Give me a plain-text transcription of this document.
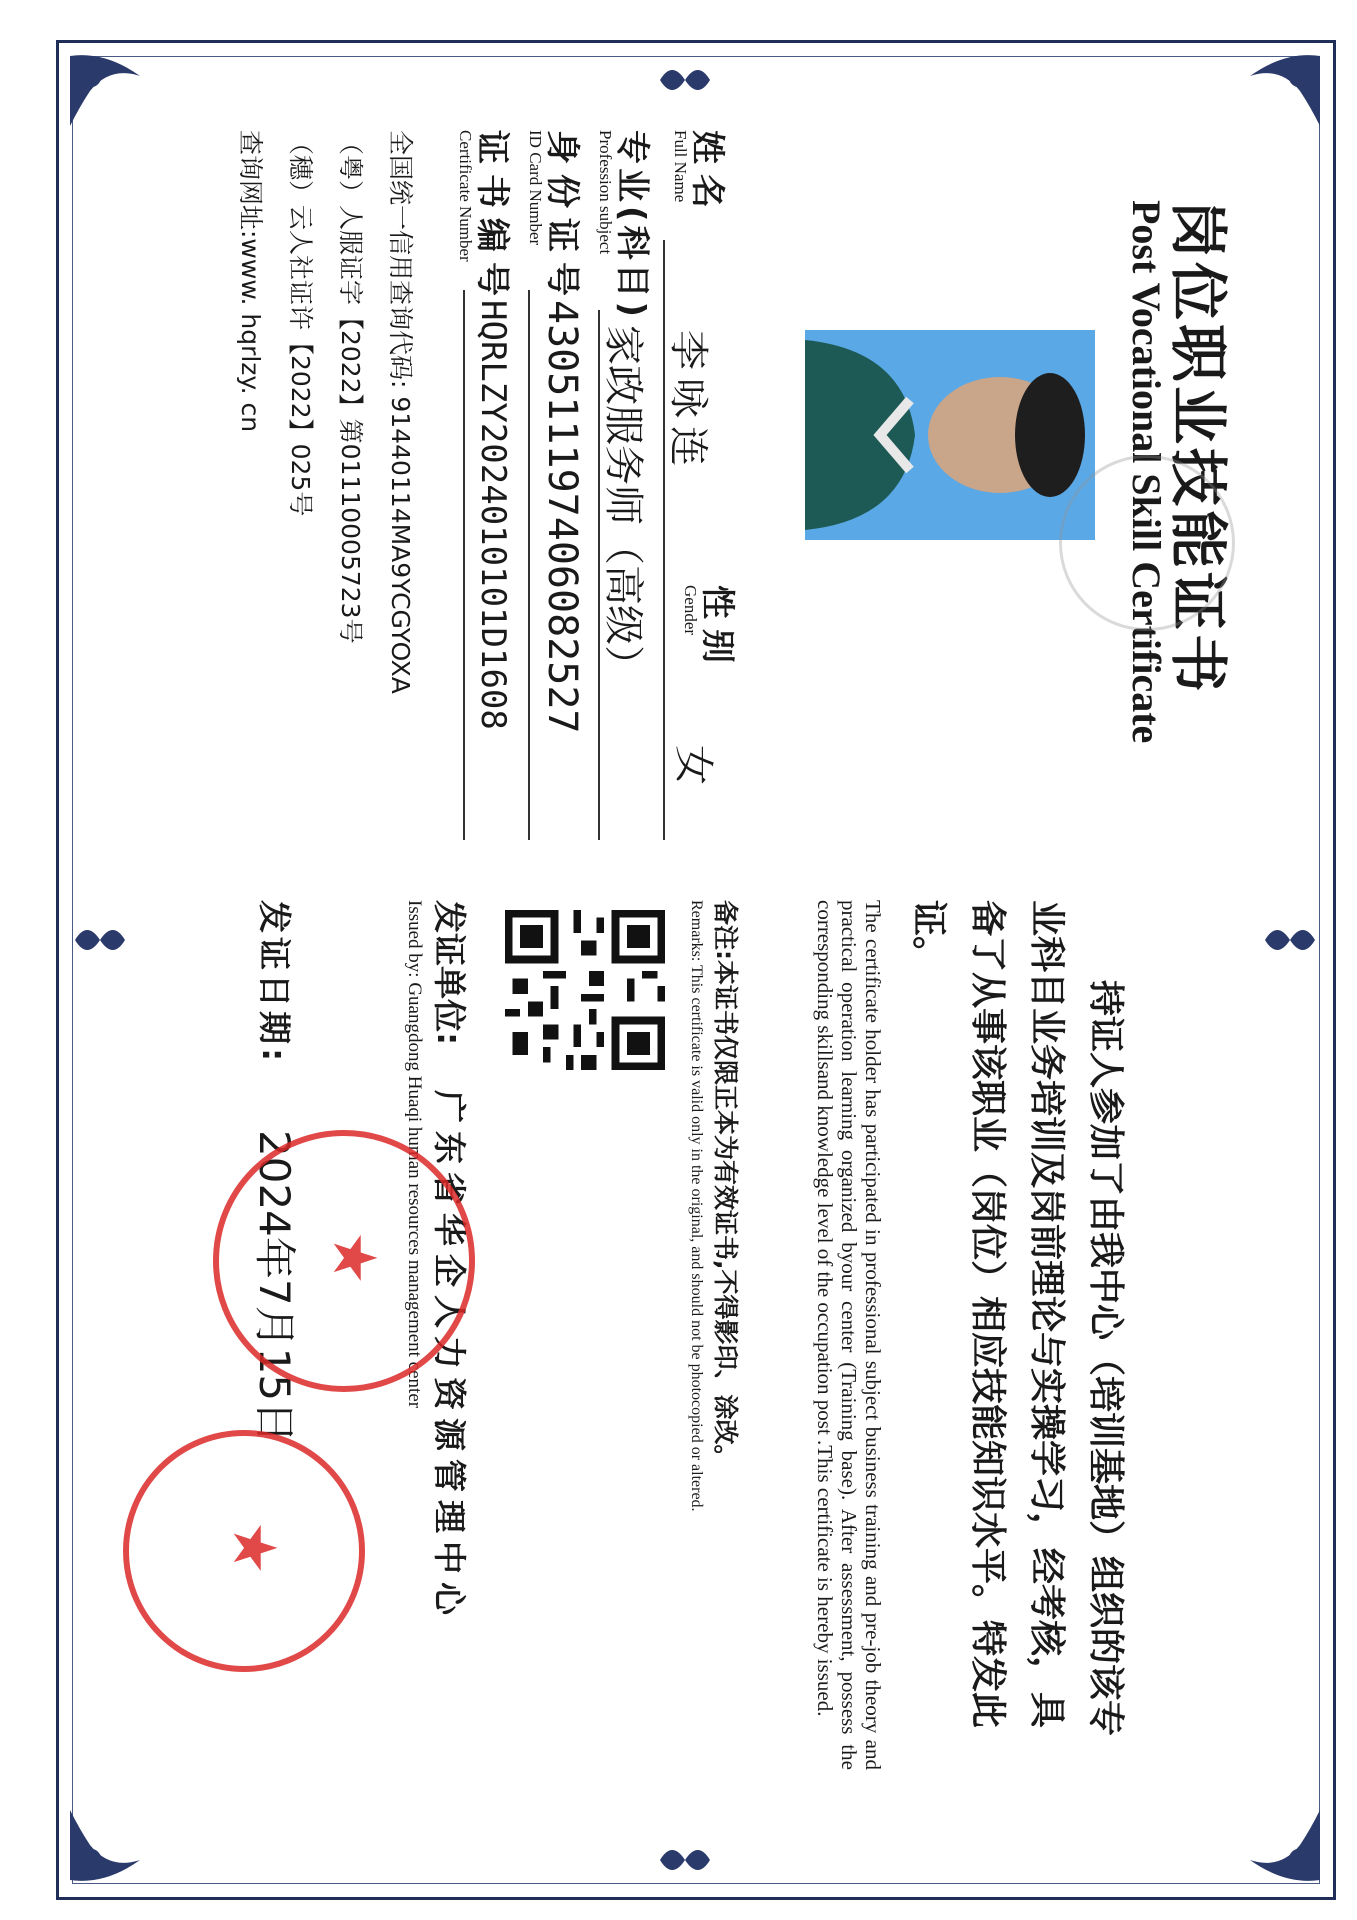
岗位职业技能证书
Post Vocational Skill Certificate
姓名
Full Name
李咏连
性别
Gender
女
专业(科目)
Profession subject
家政服务师（高级）
身份证号
ID Card Number
430511197406082527
证书编号
Certificate Number
HQRLZY2024010101D1608
全国统一信用查询代码: 91440114MA9YCGYOXA
（粤）人服证字【2022】第01110005723号
（穗）云人社证许【2022】025号
查询网址:www. hqrlzy. cn
持证人参加了由我中心（培训基地）组织的该专业科目业务培训及岗前理论与实操学习，经考核，具备了从事该职业（岗位）相应技能知识水平。特发此证。
The certificate holder has participated in professional subject business training and pre-job theory and practical operation learning organized byour center (Training base). After assessment, possess the corresponding skillsand knowledge level of the occupation post .This certificate is hereby issued.
备注:本证书仅限正本为有效证书,不得影印、涂改。
Remarks: This certificate is valid only in the original, and should not be photocopied or altered.
发证单位:
广东省华企人力资源管理中心
Issued by: Guangdong Huaqi human resources management center
发证日期:
2024年7月15日 ★
★
